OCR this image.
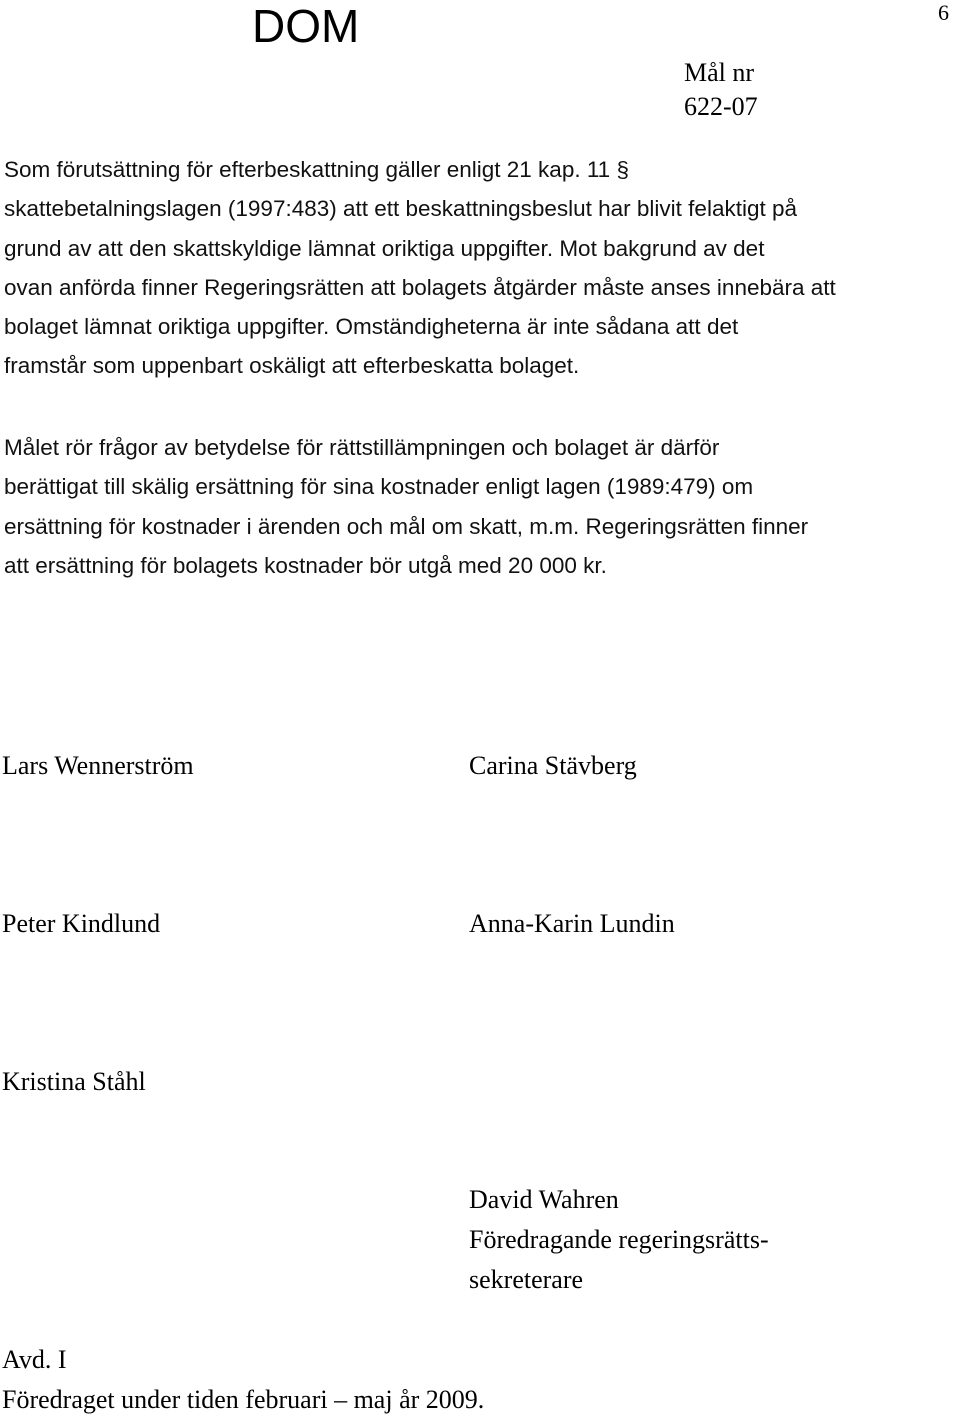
DOM	6
Mål nr
622-07
Som förutsättning för efterbeskattning gäller enligt 21 kap. 11 §
skattebetalningslagen (1997:483) att ett beskattningsbeslut har blivit felaktigt på
grund av att den skattskyldige lämnat oriktiga uppgifter. Mot bakgrund av det
ovan anförda finner Regeringsrätten att bolagets åtgärder måste anses innebära att
bolaget lämnat oriktiga uppgifter. Omständigheterna är inte sådana att det
framstår som uppenbart oskäligt att efterbeskatta bolaget.
Målet rör frågor av betydelse för rättstillämpningen och bolaget är därför
berättigat till skälig ersättning för sina kostnader enligt lagen (1989:479) om
ersättning för kostnader i ärenden och mål om skatt, m.m. Regeringsrätten finner
att ersättning för bolagets kostnader bör utgå med 20 000 kr.
Lars Wennerström	Carina Stävberg
Peter Kindlund	Anna-Karin Lundin
Kristina Ståhl
David Wahren
Föredragande regeringsrätts-
sekreterare
Avd. I
Föredraget under tiden februari – maj år 2009.
